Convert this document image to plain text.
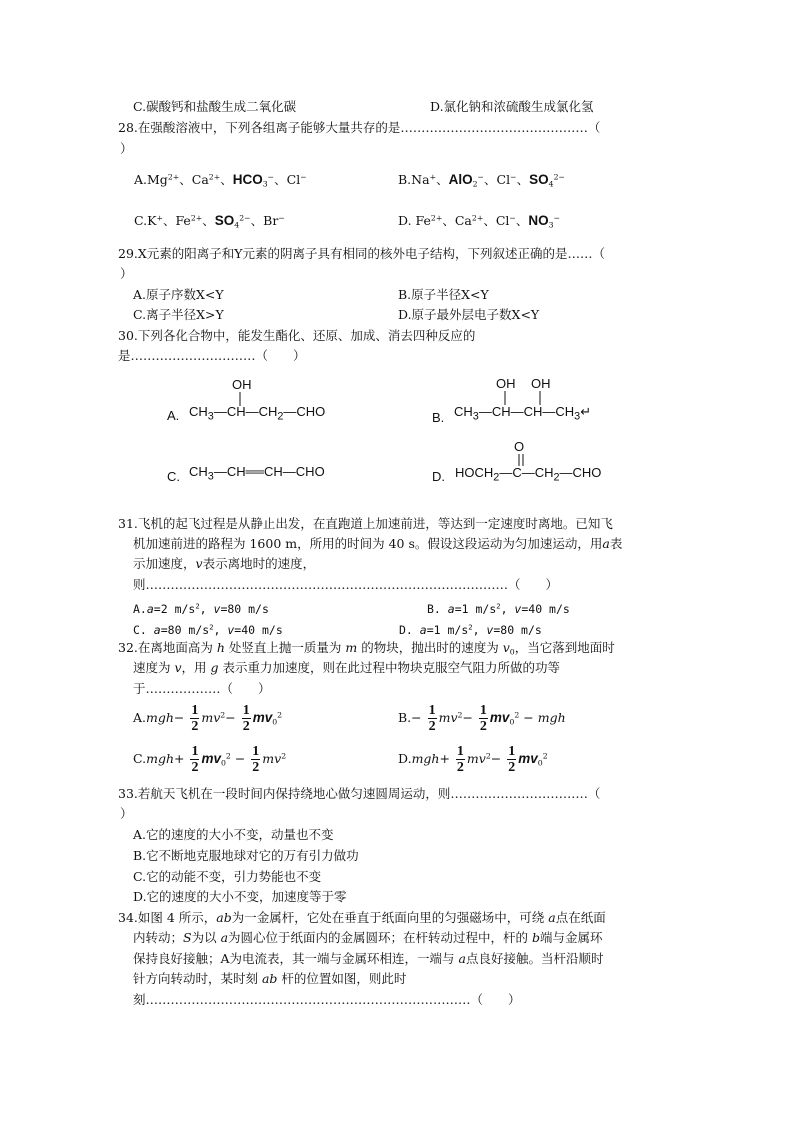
C.碳酸钙和盐酸生成二氧化碳	D.氯化钠和浓硫酸生成氯化氢
28.在强酸溶液中，下列各组离子能够大量共存的是………………………………………（
）
$A.Mg^{2+}$、$Ca^{2+}$、$HCO_3^-$、Cl−	B.Na+、AlO$_2$−、Cl−、$SO_4^{2-}$
C.K+、$Fe^{2+}$、$SO_4^{2-}$、Br−	D. $Fe^{2+}$、$Ca^{2+}$、Cl−、$NO_3^-$
29.X元素的阳离子和Y元素的阴离子具有相同的核外电子结构，下列叙述正确的是……（
）
A.原子序数X<Y	B.原子半径X<Y
C.离子半径X>Y	D.原子最外层电子数X<Y
30.下列各化合物中，能发生酯化、还原、加成、消去四种反应的
是…………………………（　　）
A.
OH
$CH_3—CH—CH_2—CHO$	B.
OH OH
$CH_3—CH—CH—CH_3↵$
C. $CH_3—CH══CH—CHO$	D.
O
$HOCH_2—C—CH_2—CHO$
31.飞机的起飞过程是从静止出发，在直跑道上加速前进，等达到一定速度时离地。已知飞
机加速前进的路程为 1600 m，所用的时间为 40 s。假设这段运动为匀加速运动，用a表
示加速度，v表示离地时的速度，
则……………………………………………………………………………（　　）
A.a=2 $m/s^2$, v=80 m/s	B. a=1 $m/s^2$, v=40 m/s
C. a=80 $m/s^2$, v=40 m/s	D. a=1 $m/s^2$, v=80 m/s
32.在离地面高为 h 处竖直上抛一质量为 m 的物块，抛出时的速度为 $v_0$，当它落到地面时
速度为 v，用 g 表示重力加速度，则在此过程中物块克服空气阻力所做的功等
于………………（　　）
$A.mgh- \frac{1}{2} mv^2- \frac{1}{2} mv_0^2$	$B.- \frac{1}{2} mv^2- \frac{1}{2} mv_0^2$ − mgh
$C.mgh+ \frac{1}{2} mv_0^2 - \frac{1}{2} mv^2$	$D.mgh+ \frac{1}{2} mv^2- \frac{1}{2} mv_0^2$
33.若航天飞机在一段时间内保持绕地心做匀速圆周运动，则……………………………（
）
A.它的速度的大小不变，动量也不变
B.它不断地克服地球对它的万有引力做功
C.它的动能不变，引力势能也不变
D.它的速度的大小不变，加速度等于零
34.如图 4 所示，ab为一金属杆，它处在垂直于纸面向里的匀强磁场中，可绕 a点在纸面
内转动；S为以 a为圆心位于纸面内的金属圆环；在杆转动过程中，杆的 b端与金属环
保持良好接触；A为电流表，其一端与金属环相连，一端与 a点良好接触。当杆沿顺时
针方向转动时，某时刻 ab 杆的位置如图，则此时
刻……………………………………………………………………（　　）
